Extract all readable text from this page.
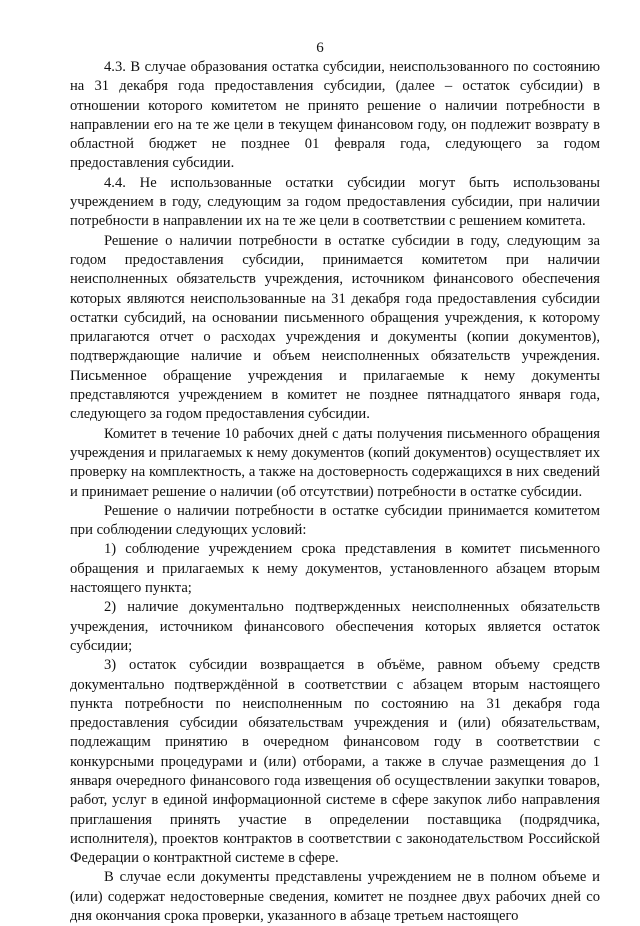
6

4.3. В случае образования остатка субсидии, неиспользованного по состоянию на 31 декабря года предоставления субсидии, (далее – остаток субсидии) в отношении которого комитетом не принято решение о наличии потребности в направлении его на те же цели в текущем финансовом году, он подлежит возврату в областной бюджет не позднее 01 февраля года, следующего за годом предоставления субсидии.

4.4. Не использованные остатки субсидии могут быть использованы учреждением в году, следующим за годом предоставления субсидии, при наличии потребности в направлении их на те же цели в соответствии с решением комитета.

Решение о наличии потребности в остатке субсидии в году, следующим за годом предоставления субсидии, принимается комитетом при наличии неисполненных обязательств учреждения, источником финансового обеспечения которых являются неиспользованные на 31 декабря года предоставления субсидии остатки субсидий, на основании письменного обращения учреждения, к которому прилагаются отчет о расходах учреждения и документы (копии документов), подтверждающие наличие и объем неисполненных обязательств учреждения. Письменное обращение учреждения и прилагаемые к нему документы представляются учреждением в комитет не позднее пятнадцатого января года, следующего за годом предоставления субсидии.

Комитет в течение 10 рабочих дней с даты получения письменного обращения учреждения и прилагаемых к нему документов (копий документов) осуществляет их проверку на комплектность, а также на достоверность содержащихся в них сведений и принимает решение о наличии (об отсутствии) потребности в остатке субсидии.

Решение о наличии потребности в остатке субсидии принимается комитетом при соблюдении следующих условий:

1) соблюдение учреждением срока представления в комитет письменного обращения и прилагаемых к нему документов, установленного абзацем вторым настоящего пункта;

2) наличие документально подтвержденных неисполненных обязательств учреждения, источником финансового обеспечения которых является остаток субсидии;

3) остаток субсидии возвращается в объёме, равном объему средств документально подтверждённой в соответствии с абзацем вторым настоящего пункта потребности по неисполненным по состоянию на 31 декабря года предоставления субсидии обязательствам учреждения и (или) обязательствам, подлежащим принятию в очередном финансовом году в соответствии с конкурсными процедурами и (или) отборами, а также в случае размещения до 1 января очередного финансового года извещения об осуществлении закупки товаров, работ, услуг в единой информационной системе в сфере закупок либо направления приглашения принять участие в определении поставщика (подрядчика, исполнителя), проектов контрактов в соответствии с законодательством Российской Федерации о контрактной системе в сфере.

В случае если документы представлены учреждением не в полном объеме и (или) содержат недостоверные сведения, комитет не позднее двух рабочих дней со дня окончания срока проверки, указанного в абзаце третьем настоящего
